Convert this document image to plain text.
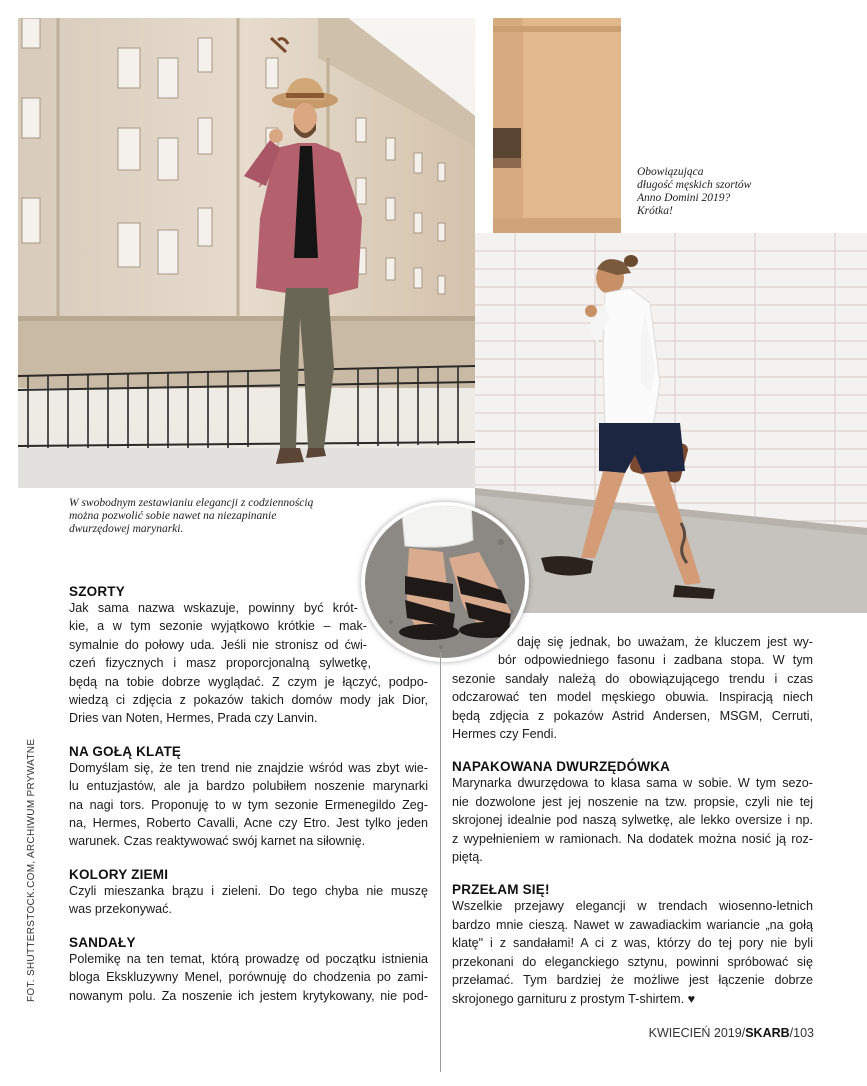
Obowiązująca
długość męskich szortów
Anno Domini 2019?
Krótka!
W swobodnym zestawianiu elegancji z codziennością
można pozwolić sobie nawet na niezapinanie
dwurzędowej marynarki.
SZORTY
Jak sama nazwa wskazuje, powinny być krót-
kie, a w tym sezonie wyjątkowo krótkie – mak-
symalnie do połowy uda. Jeśli nie stronisz od ćwi-
czeń fizycznych i masz proporcjonalną sylwetkę,
będą na tobie dobrze wyglądać. Z czym je łączyć, podpo-
wiedzą ci zdjęcia z pokazów takich domów mody jak Dior,
Dries van Noten, Hermes, Prada czy Lanvin.
NA GOŁĄ KLATĘ
Domyślam się, że ten trend nie znajdzie wśród was zbyt wie-
lu entuzjastów, ale ja bardzo polubiłem noszenie marynarki
na nagi tors. Proponuję to w tym sezonie Ermenegildo Zeg-
na, Hermes, Roberto Cavalli, Acne czy Etro. Jest tylko jeden
warunek. Czas reaktywować swój karnet na siłownię.
KOLORY ZIEMI
Czyli mieszanka brązu i zieleni. Do tego chyba nie muszę
was przekonywać.
SANDAŁY
Polemikę na ten temat, którą prowadzę od początku istnienia
bloga Ekskluzywny Menel, porównuję do chodzenia po zami-
nowanym polu. Za noszenie ich jestem krytykowany, nie pod-
daję się jednak, bo uważam, że kluczem jest wy-
bór odpowiedniego fasonu i zadbana stopa. W tym
sezonie sandały należą do obowiązującego trendu i czas
odczarować ten model męskiego obuwia. Inspiracją niech
będą zdjęcia z pokazów Astrid Andersen, MSGM, Cerruti,
Hermes czy Fendi.
NAPAKOWANA DWURZĘDÓWKA
Marynarka dwurzędowa to klasa sama w sobie. W tym sezo-
nie dozwolone jest jej noszenie na tzw. propsie, czyli nie tej
skrojonej idealnie pod naszą sylwetkę, ale lekko oversize i np.
z wypełnieniem w ramionach. Na dodatek można nosić ją roz-
piętą.
PRZEŁAM SIĘ!
Wszelkie przejawy elegancji w trendach wiosenno-letnich
bardzo mnie cieszą. Nawet w zawadiackim wariancie „na gołą
klatę" i z sandałami! A ci z was, którzy do tej pory nie byli
przekonani do eleganckiego sztynu, powinni spróbować się
przełamać. Tym bardziej że możliwe jest łączenie dobrze
skrojonego garnituru z prostym T-shirtem. ♥
FOT. SHUTTERSTOCK.COM, ARCHIWUM PRYWATNE
KWIECIEŃ 2019/SKARB/103
